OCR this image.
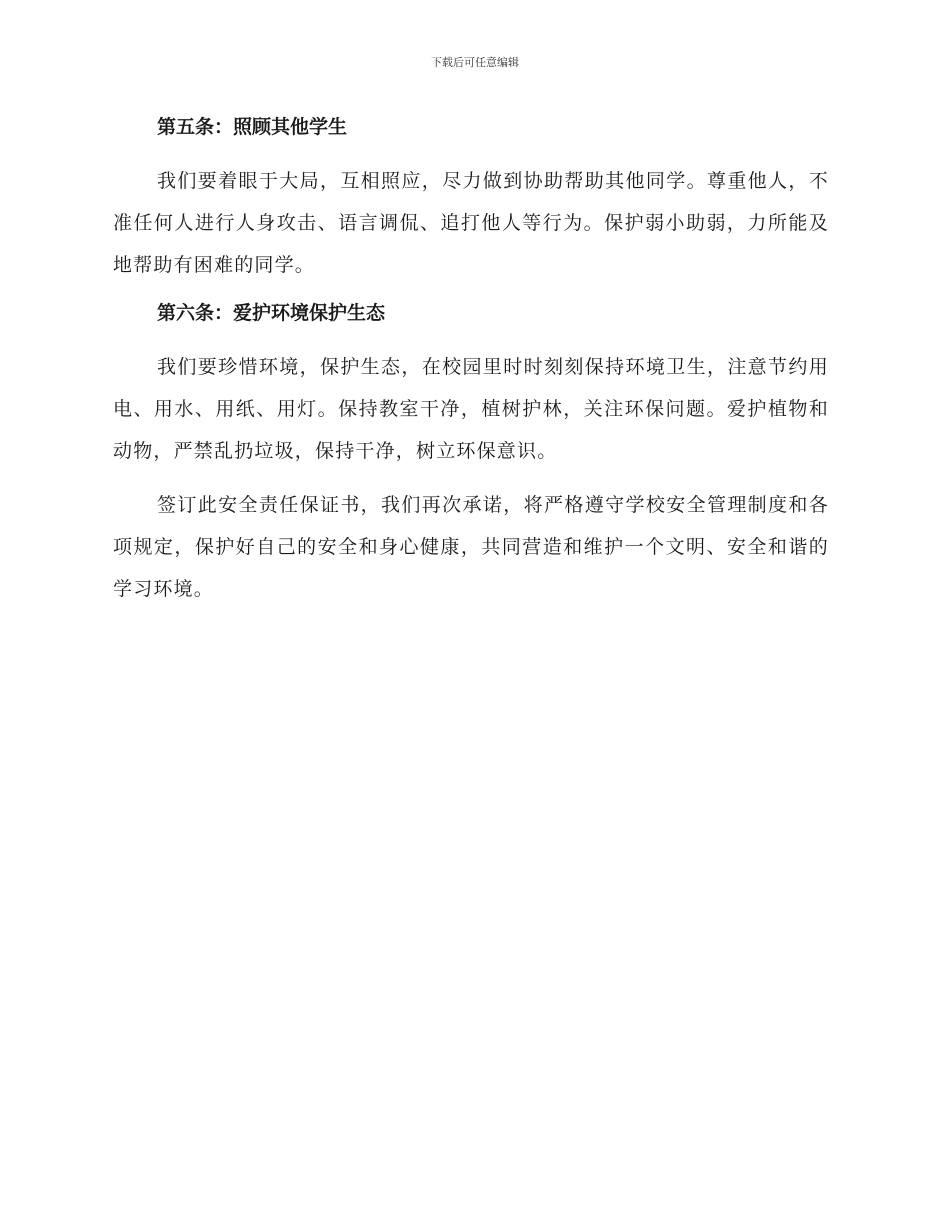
下载后可任意编辑
第五条：照顾其他学生

我们要着眼于大局，互相照应，尽力做到协助帮助其他同学。尊重他人，不准任何人进行人身攻击、语言调侃、追打他人等行为。保护弱小助弱，力所能及地帮助有困难的同学。

第六条：爱护环境保护生态

我们要珍惜环境，保护生态，在校园里时时刻刻保持环境卫生，注意节约用电、用水、用纸、用灯。保持教室干净，植树护林，关注环保问题。爱护植物和动物，严禁乱扔垃圾，保持干净，树立环保意识。

签订此安全责任保证书，我们再次承诺，将严格遵守学校安全管理制度和各项规定，保护好自己的安全和身心健康，共同营造和维护一个文明、安全和谐的学习环境。
